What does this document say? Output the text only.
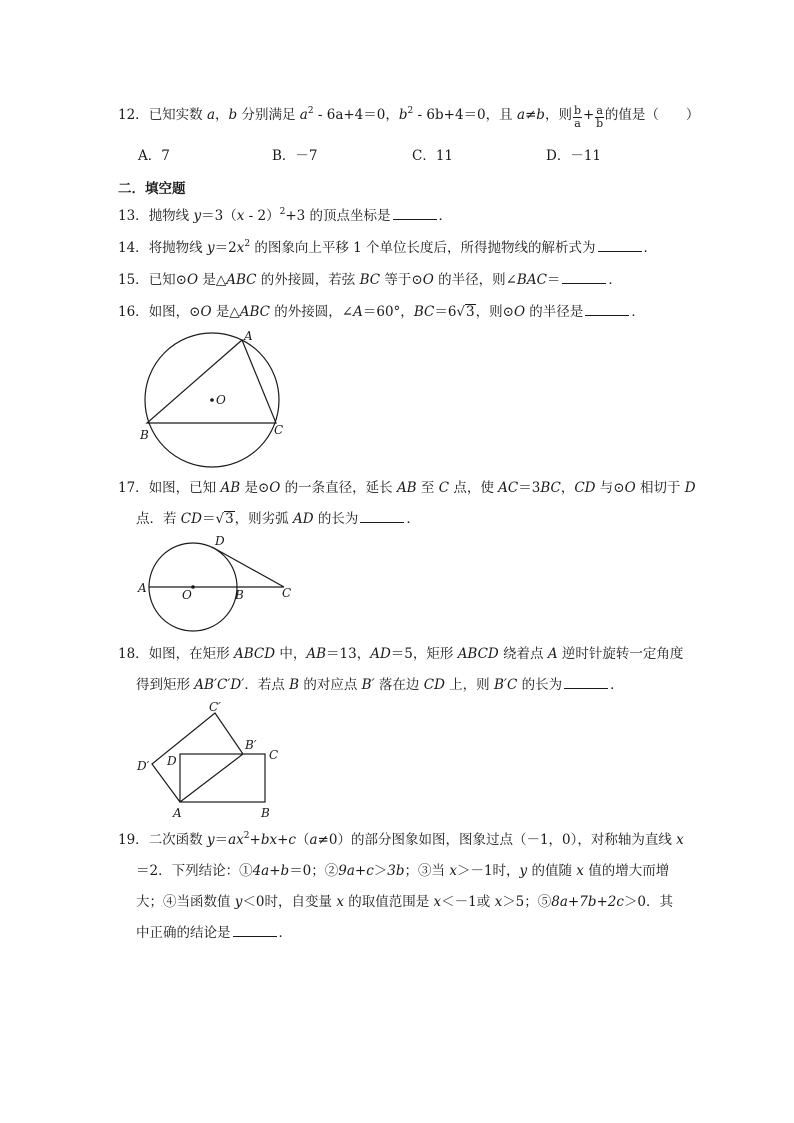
12．已知实数 a，b 分别满足 $a^2 - 6a+4=0$，$b^2 - 6b+4=0$，且 a≠b，则 $\frac{b}{a} + \frac{a}{b}$ 的值是（　　）
A．7	B．－7	C．11	D．－11
二．填空题
13．抛物线 y＝3（x - 2）$^2$+3 的顶点坐标是	．
14．将抛物线 $y=2x^2$ 的图象向上平移 1 个单位长度后，所得抛物线的解析式为	．
15．已知⊙O 是△ABC 的外接圆，若弦 BC 等于⊙O 的半径，则∠BAC＝	．
16．如图，⊙O 是△ABC 的外接圆，∠A＝60°，BC＝6√3，则⊙O 的半径是	．
A
O
B	C
17．如图，已知 AB 是⊙O 的一条直径，延长 AB 至 C 点，使 AC＝3BC，CD 与⊙O 相切于 D
点．若 CD＝√3，则劣弧 AD 的长为	．
D
A	O	B	C
18．如图，在矩形 ABCD 中，AB＝13，AD＝5，矩形 ABCD 绕着点 A 逆时针旋转一定角度
得到矩形 AB′C′D′．若点 B 的对应点 B′ 落在边 CD 上，则 B′C 的长为	．
C′
B′
C
D′ D
A	B
19．二次函数 $y=ax^2+bx+c(a\ne 0)$的部分图象如图，图象过点（－1，0），对称轴为直线 x
＝2．下列结论：①4a+b＝0；②9a+c＞3b；③当 x＞－1时，y 的值随 x 值的增大而增
大；④当函数值 y＜0时，自变量 x 的取值范围是 x＜－1或 x＞5；⑤8a+7b+2c＞0．其
中正确的结论是	．
